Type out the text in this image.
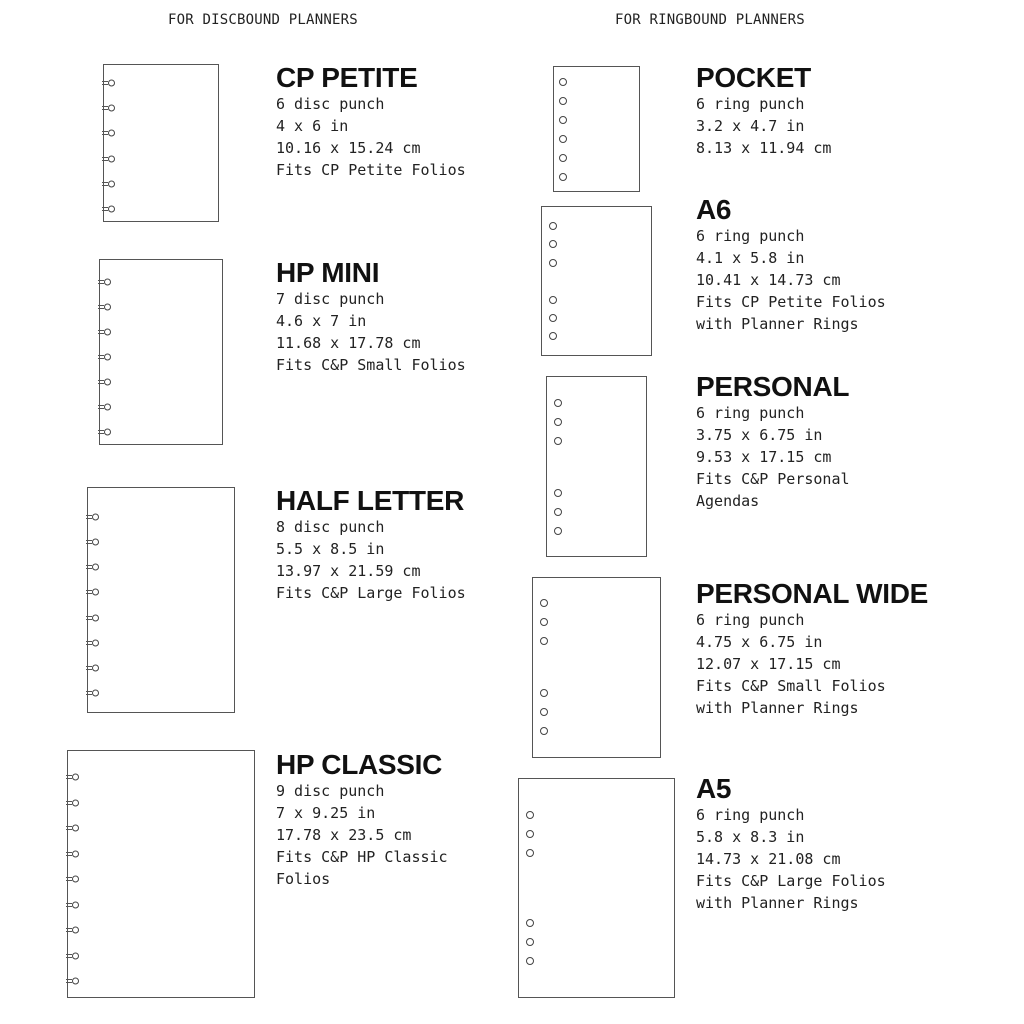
FOR DISCBOUND PLANNERS	FOR RINGBOUND PLANNERS
CP PETITE
6 disc punch
4 x 6 in
10.16 x 15.24 cm
Fits CP Petite Folios
HP MINI
7 disc punch
4.6 x 7 in
11.68 x 17.78 cm
Fits C&P Small Folios
HALF LETTER
8 disc punch
5.5 x 8.5 in
13.97 x 21.59 cm
Fits C&P Large Folios
HP CLASSIC
9 disc punch
7 x 9.25 in
17.78 x 23.5 cm
Fits C&P HP Classic
Folios
POCKET
6 ring punch
3.2 x 4.7 in
8.13 x 11.94 cm
A6
6 ring punch
4.1 x 5.8 in
10.41 x 14.73 cm
Fits CP Petite Folios
with Planner Rings
PERSONAL
6 ring punch
3.75 x 6.75 in
9.53 x 17.15 cm
Fits C&P Personal
Agendas
PERSONAL WIDE
6 ring punch
4.75 x 6.75 in
12.07 x 17.15 cm
Fits C&P Small Folios
with Planner Rings
A5
6 ring punch
5.8 x 8.3 in
14.73 x 21.08 cm
Fits C&P Large Folios
with Planner Rings
